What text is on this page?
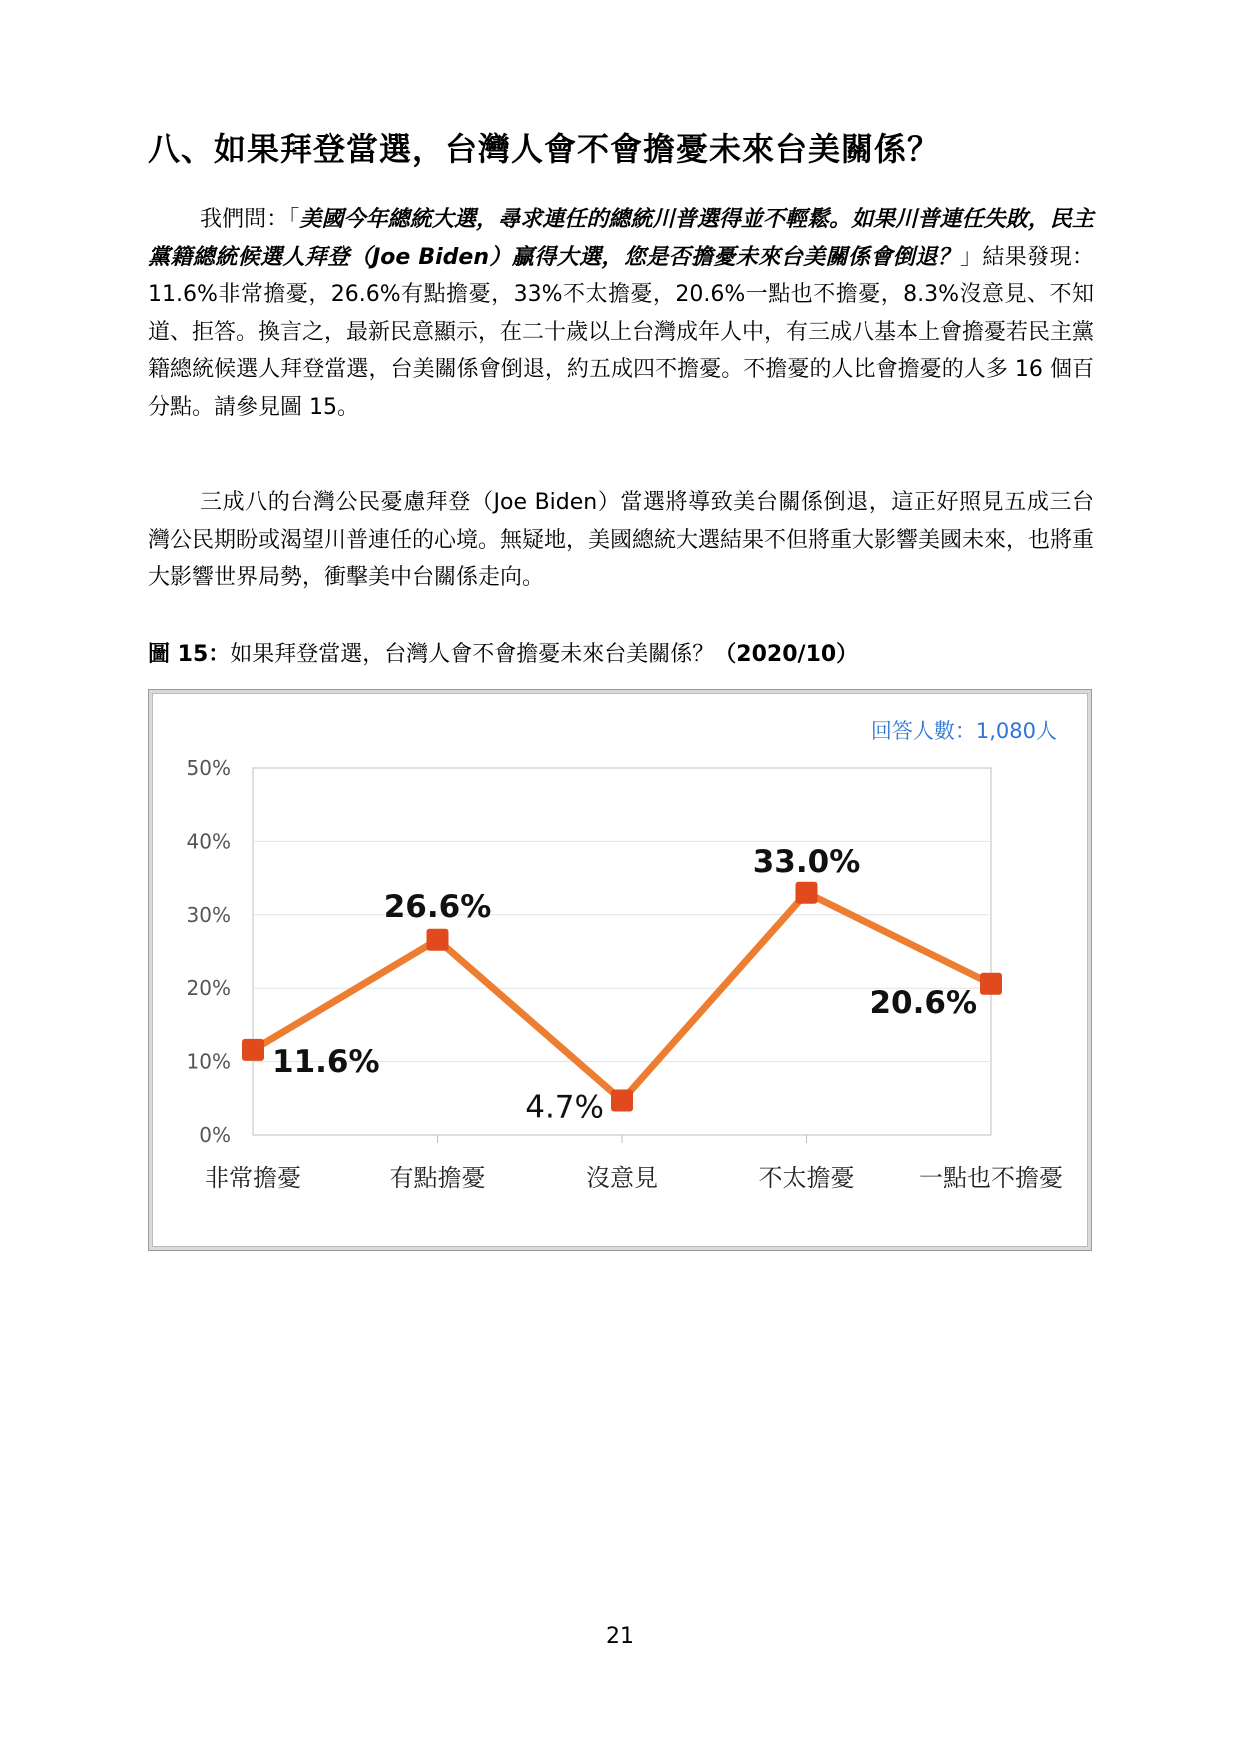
八、如果拜登當選，台灣人會不會擔憂未來台美關係？
我們問：「美國今年總統大選，尋求連任的總統川普選得並不輕鬆。如果川普連任失敗，民主黨籍總統候選人拜登（Joe Biden）贏得大選，您是否擔憂未來台美關係會倒退？」結果發現：11.6%非常擔憂，26.6%有點擔憂，33%不太擔憂，20.6%一點也不擔憂，8.3%沒意見、不知道、拒答。換言之，最新民意顯示，在二十歲以上台灣成年人中，有三成八基本上會擔憂若民主黨籍總統候選人拜登當選，台美關係會倒退，約五成四不擔憂。不擔憂的人比會擔憂的人多 16 個百分點。請參見圖 15。
三成八的台灣公民憂慮拜登（Joe Biden）當選將導致美台關係倒退，這正好照見五成三台灣公民期盼或渴望川普連任的心境。無疑地，美國總統大選結果不但將重大影響美國未來，也將重大影響世界局勢，衝擊美中台關係走向。
圖 15：如果拜登當選，台灣人會不會擔憂未來台美關係？（2020/10）
0%
10%
20%
30%
40%
50%
非常擔憂	有點擔憂	沒意見	不太擔憂	一點也不擔憂
11.6%
26.6%
4.7%
33.0%
20.6%
回答人數：1,080人
21
